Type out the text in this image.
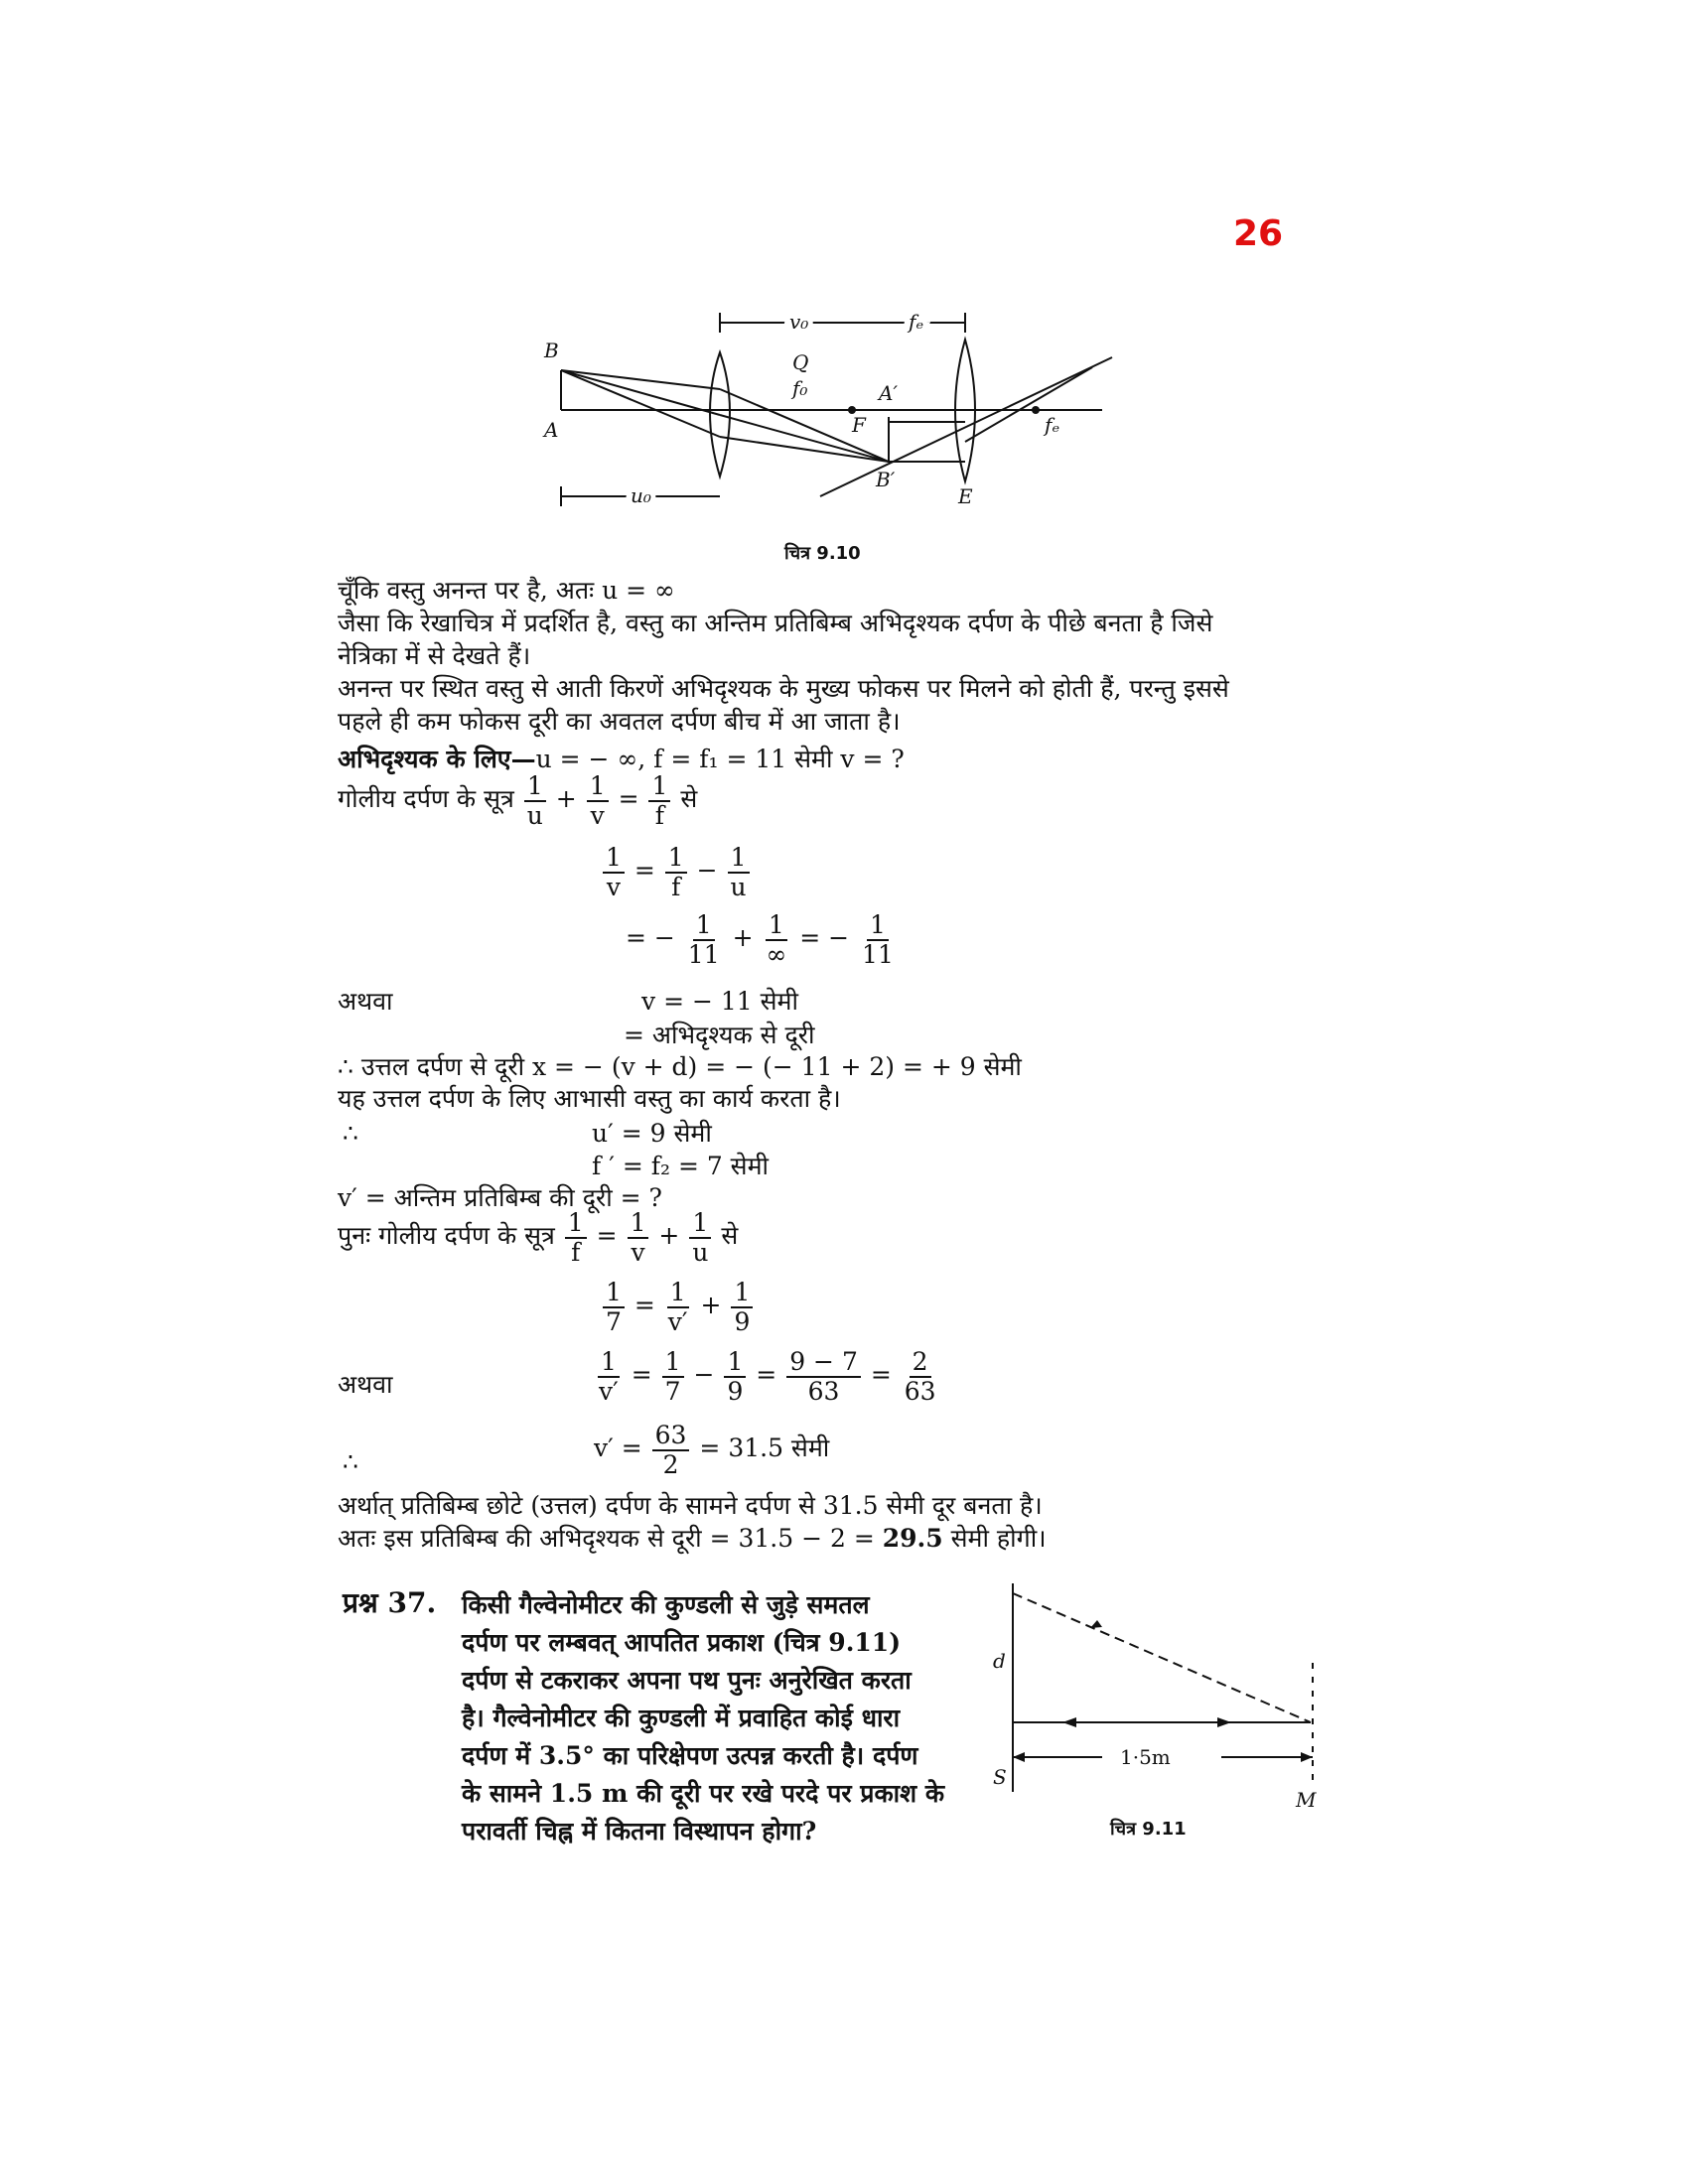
26
B
A
Q
f₀
F
A′
B′
E
fₑ
v₀	fₑ
u₀
चित्र 9.10
चूँकि वस्तु अनन्त पर है, अतः u = ∞
जैसा कि रेखाचित्र में प्रदर्शित है, वस्तु का अन्तिम प्रतिबिम्ब अभिदृश्यक दर्पण के पीछे बनता है जिसे
नेत्रिका में से देखते हैं।
अनन्त पर स्थित वस्तु से आती किरणें अभिदृश्यक के मुख्य फोकस पर मिलने को होती हैं, परन्तु इससे
पहले ही कम फोकस दूरी का अवतल दर्पण बीच में आ जाता है।
अभिदृश्यक के लिए—u = − ∞, f = f₁ = 11 सेमी v = ?
गोलीय दर्पण के सूत्र $\frac{1}{u} + \frac{1}{v} = \frac{1}{f}$ से
$\frac{1}{v} = \frac{1}{f} - \frac{1}{u}$
= − $\frac{1}{11} + 1$
∞
= − $\frac{1}{11}$
अथवा	v = − 11 सेमी
= अभिदृश्यक से दूरी
∴ उत्तल दर्पण से दूरी x = − (v + d) = − (− 11 + 2) = + 9 सेमी
यह उत्तल दर्पण के लिए आभासी वस्तु का कार्य करता है।
∴	u′ = 9 सेमी
f ′ = f₂ = 7 सेमी
v′ = अन्तिम प्रतिबिम्ब की दूरी = ?
पुनः गोलीय दर्पण के सूत्र $\frac{1}{f} = \frac{1}{v} + \frac{1}{u}$ से
$\frac{1}{7} = \frac{1}{v'} + \frac{1}{9}$
अथवा	$\frac{1}{v'} = \frac{1}{7} - \frac{1}{9} = \frac{9 - 7}{63} = \frac{2}{63}$
∴	$v' = \frac{63}{2} = 31.5$ सेमी
अर्थात् प्रतिबिम्ब छोटे (उत्तल) दर्पण के सामने दर्पण से 31.5 सेमी दूर बनता है।
अतः इस प्रतिबिम्ब की अभिदृश्यक से दूरी = 31.5 − 2 = 29.5 सेमी होगी।
प्रश्न 37. किसी गैल्वेनोमीटर की कुण्डली से जुड़े समतल
दर्पण पर लम्बवत् आपतित प्रकाश (चित्र 9.11)
दर्पण से टकराकर अपना पथ पुनः अनुरेखित करता
है। गैल्वेनोमीटर की कुण्डली में प्रवाहित कोई धारा
दर्पण में 3.5° का परिक्षेपण उत्पन्न करती है। दर्पण
के सामने 1.5 m की दूरी पर रखे परदे पर प्रकाश के
परावर्ती चिह्न में कितना विस्थापन होगा?
d
S
M
1·5m
चित्र 9.11
